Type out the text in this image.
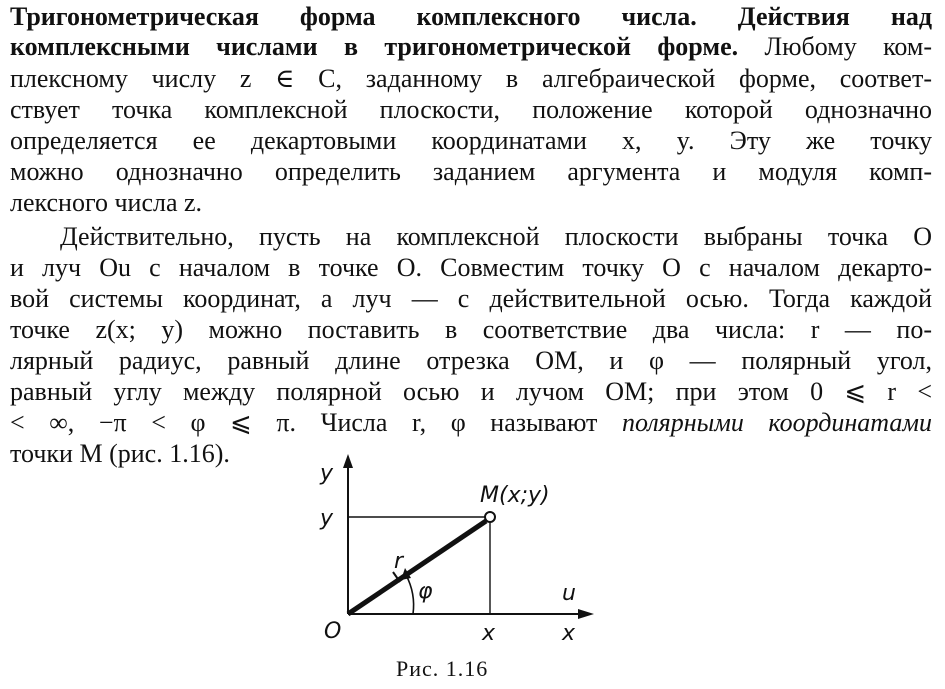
Тригонометрическая форма комплексного числа. Действия над
комплексными числами в тригонометрической форме. Любому ком-
плексному числу z ∈ C, заданному в алгебраической форме, соответ-
ствует точка комплексной плоскости, положение которой однозначно
определяется ее декартовыми координатами x, y. Эту же точку
можно однозначно определить заданием аргумента и модуля комп-
лексного числа z.
Действительно, пусть на комплексной плоскости выбраны точка O
и луч Ou с началом в точке O. Совместим точку O с началом декарто-
вой системы координат, а луч — с действительной осью. Тогда каждой
точке z(x; y) можно поставить в соответствие два числа: r — по-
лярный радиус, равный длине отрезка OM, и φ — полярный угол,
равный углу между полярной осью и лучом OM; при этом 0 ⩽ r <
< ∞, −π < φ ⩽ π. Числа r, φ называют полярными координатами
точки M (рис. 1.16).
y
y
M(x;y)
r
φ	u
O	x	x
Рис. 1.16
